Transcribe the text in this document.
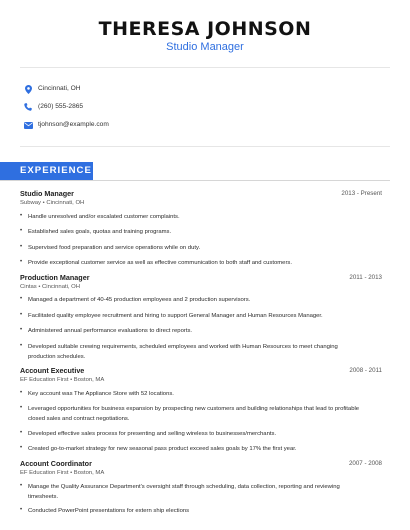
THERESA JOHNSON
Studio Manager
Cincinnati, OH
(260) 555-2865
tjohnson@example.com
EXPERIENCE
Studio Manager	2013 - Present
Subway • Cincinnati, OH
• Handle unresolved and/or escalated customer complaints.
• Established sales goals, quotas and training programs.
• Supervised food preparation and service operations while on duty.
• Provide exceptional customer service as well as effective communication to both staff and customers.
Production Manager	2011 - 2013
Cintas • Cincinnati, OH
• Managed a department of 40-45 production employees and 2 production supervisors.
• Facilitated quality employee recruitment and hiring to support General Manager and Human Resources Manager.
• Administered annual performance evaluations to direct reports.
• Developed sultable crewing requirements, scheduled employees and worked with Human Resources to meet changing production schedules.
Account Executive	2008 - 2011
EF Education First • Boston, MA
• Key account was The Appliance Store with 52 locations.
• Leveraged opportunities for business expansion by prospecting new customers and building relationships that lead to profitable closed sales and contract negotiations.
• Developed effective sales process for presenting and selling wireless to businesses/merchants.
• Created go-to-market strategy for new seasonal pass product exceed sales goals by 17% the first year.
Account Coordinator	2007 - 2008
EF Education First • Boston, MA
• Manage the Quality Assurance Department's oversight staff through scheduling, data collection, reporting and reviewing timesheets.
• Conducted PowerPoint presentations for extern ship elections
